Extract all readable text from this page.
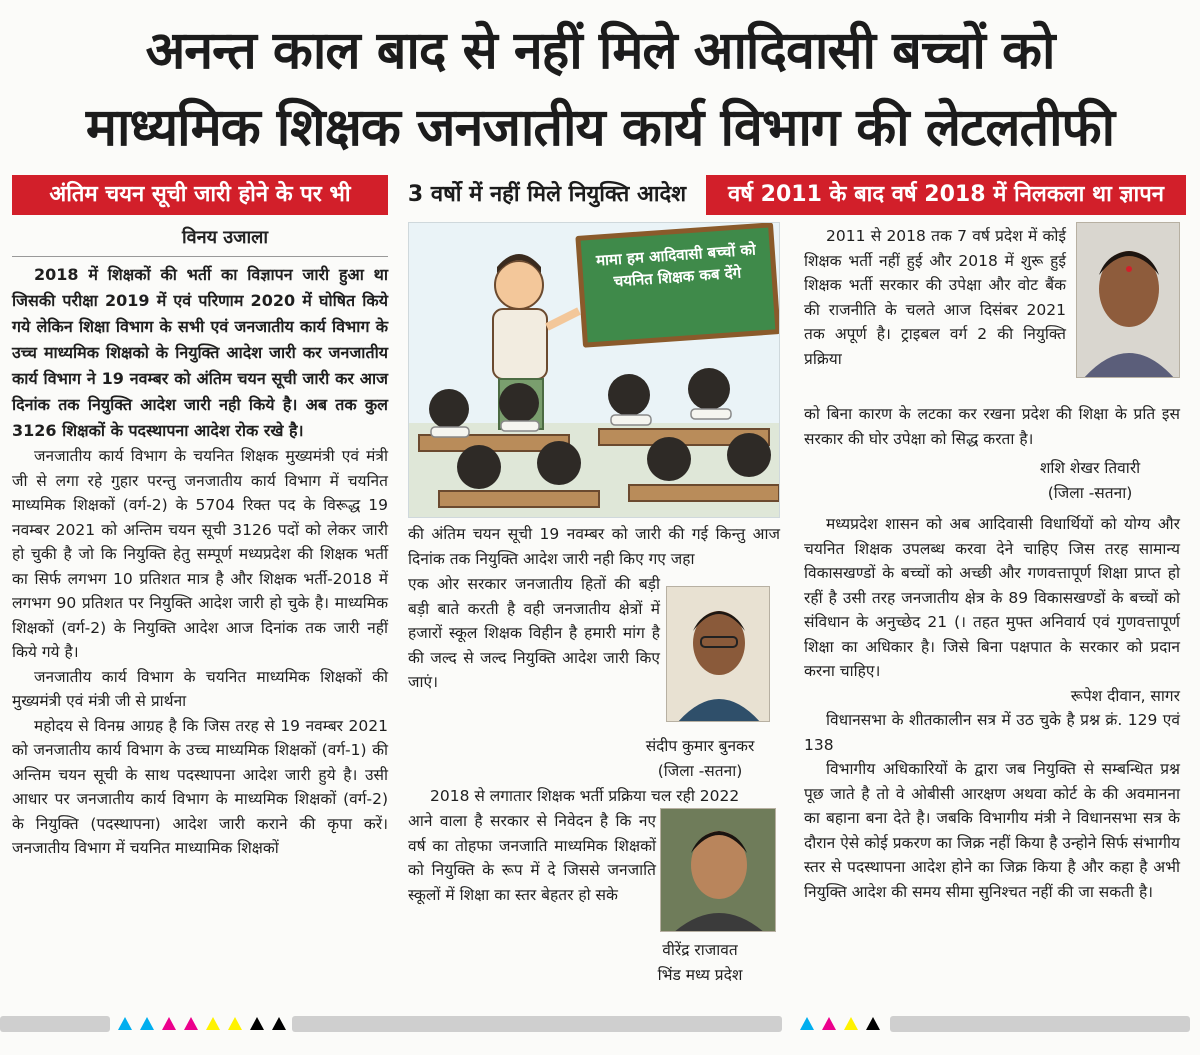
अनन्त काल बाद से नहीं मिले आदिवासी बच्चों को
माध्यमिक शिक्षक जनजातीय कार्य विभाग की लेटलतीफी
अंतिम चयन सूची जारी होने के पर भी	3 वर्षो में नहीं मिले नियुक्ति आदेश	वर्ष 2011 के बाद वर्ष 2018 में निलकला था ज्ञापन
विनय उजाला

2018 में शिक्षकों की भर्ती का विज्ञापन जारी हुआ था जिसकी परीक्षा 2019 में एवं परिणाम 2020 में घोषित किये गये लेकिन शिक्षा विभाग के सभी एवं जनजातीय कार्य विभाग के उच्च माध्यमिक शिक्षको के नियुक्ति आदेश जारी कर जनजातीय कार्य विभाग ने 19 नवम्बर को अंतिम चयन सूची जारी कर आज दिनांक तक नियुक्ति आदेश जारी नही किये है। अब तक कुल 3126 शिक्षकों के पदस्थापना आदेश रोक रखे है।

जनजातीय कार्य विभाग के चयनित शिक्षक मुख्यमंत्री एवं मंत्री जी से लगा रहे गुहार परन्तु जनजातीय कार्य विभाग में चयनित माध्यमिक शिक्षकों (वर्ग-2) के 5704 रिक्त पद के विरूद्ध 19 नवम्बर 2021 को अन्तिम चयन सूची 3126 पदों को लेकर जारी हो चुकी है जो कि नियुक्ति हेतु सम्पूर्ण मध्यप्रदेश की शिक्षक भर्ती का सिर्फ लगभग 10 प्रतिशत मात्र है और शिक्षक भर्ती-2018 में लगभग 90 प्रतिशत पर नियुक्ति आदेश जारी हो चुके है। माध्यमिक शिक्षकों (वर्ग-2) के नियुक्ति आदेश आज दिनांक तक जारी नहीं किये गये है।

जनजातीय कार्य विभाग के चयनित माध्यमिक शिक्षकों की मुख्यमंत्री एवं मंत्री जी से प्रार्थना

महोदय से विनम्र आग्रह है कि जिस तरह से 19 नवम्बर 2021 को जनजातीय कार्य विभाग के उच्च माध्यमिक शिक्षकों (वर्ग-1) की अन्तिम चयन सूची के साथ पदस्थापना आदेश जारी हुये है। उसी आधार पर जनजातीय कार्य विभाग के माध्यमिक शिक्षकों (वर्ग-2) के नियुक्ति (पदस्थापना) आदेश जारी कराने की कृपा करें। जनजातीय विभाग में चयनित माध्यामिक शिक्षकों

मामा हम आदिवासी बच्चों को चयनित शिक्षक कब देंगे

की अंतिम चयन सूची 19 नवम्बर को जारी की गई किन्तु आज दिनांक तक नियुक्ति आदेश जारी नही किए गए जहा

एक ओर सरकार जनजातीय हितों की बड़ी बड़ी बाते करती है वही जनजातीय क्षेत्रों में हजारों स्कूल शिक्षक विहीन है हमारी मांग है की जल्द से जल्द नियुक्ति आदेश जारी किए जाएं।

संदीप कुमार बुनकर
(जिला -सतना)

2018 से लगातार शिक्षक भर्ती प्रक्रिया चल रही 2022

आने वाला है सरकार से निवेदन है कि नए वर्ष का तोहफा जनजाति माध्यमिक शिक्षकों को नियुक्ति के रूप में दे जिससे जनजाति स्कूलों में शिक्षा का स्तर बेहतर हो सके

वीरेंद्र राजावत
भिंड मध्य प्रदेश

2011 से 2018 तक 7 वर्ष प्रदेश में कोई शिक्षक भर्ती नहीं हुई और 2018 में शुरू हुई शिक्षक भर्ती सरकार की उपेक्षा और वोट बैंक की राजनीति के चलते आज दिसंबर 2021 तक अपूर्ण है। ट्राइबल वर्ग 2 की नियुक्ति प्रक्रिया

को बिना कारण के लटका कर रखना प्रदेश की शिक्षा के प्रति इस सरकार की घोर उपेक्षा को सिद्ध करता है।

शशि शेखर तिवारी
(जिला -सतना)

मध्यप्रदेश शासन को अब आदिवासी विधार्थियों को योग्य और चयनित शिक्षक उपलब्ध करवा देने चाहिए जिस तरह सामान्य विकासखण्डों के बच्चों को अच्छी और गणवत्तापूर्ण शिक्षा प्राप्त हो रहीं है उसी तरह जनजातीय क्षेत्र के 89 विकासखण्डों के बच्चों को संविधान के अनुच्छेद 21 (। तहत मुफ्त अनिवार्य एवं गुणवत्तापूर्ण शिक्षा का अधिकार है। जिसे बिना पक्षपात के सरकार को प्रदान करना चाहिए।

रूपेश दीवान, सागर

विधानसभा के शीतकालीन सत्र में उठ चुके है प्रश्न क्रं. 129 एवं 138

विभागीय अधिकारियों के द्वारा जब नियुक्ति से सम्बन्धित प्रश्न पूछ जाते है तो वे ओबीसी आरक्षण अथवा कोर्ट के की अवमानना का बहाना बना देते है। जबकि विभागीय मंत्री ने विधानसभा सत्र के दौरान ऐसे कोई प्रकरण का जिक्र नहीं किया है उन्होने सिर्फ संभागीय स्तर से पदस्थापना आदेश होने का जिक्र किया है और कहा है अभी नियुक्ति आदेश की समय सीमा सुनिश्चत नहीं की जा सकती है।
